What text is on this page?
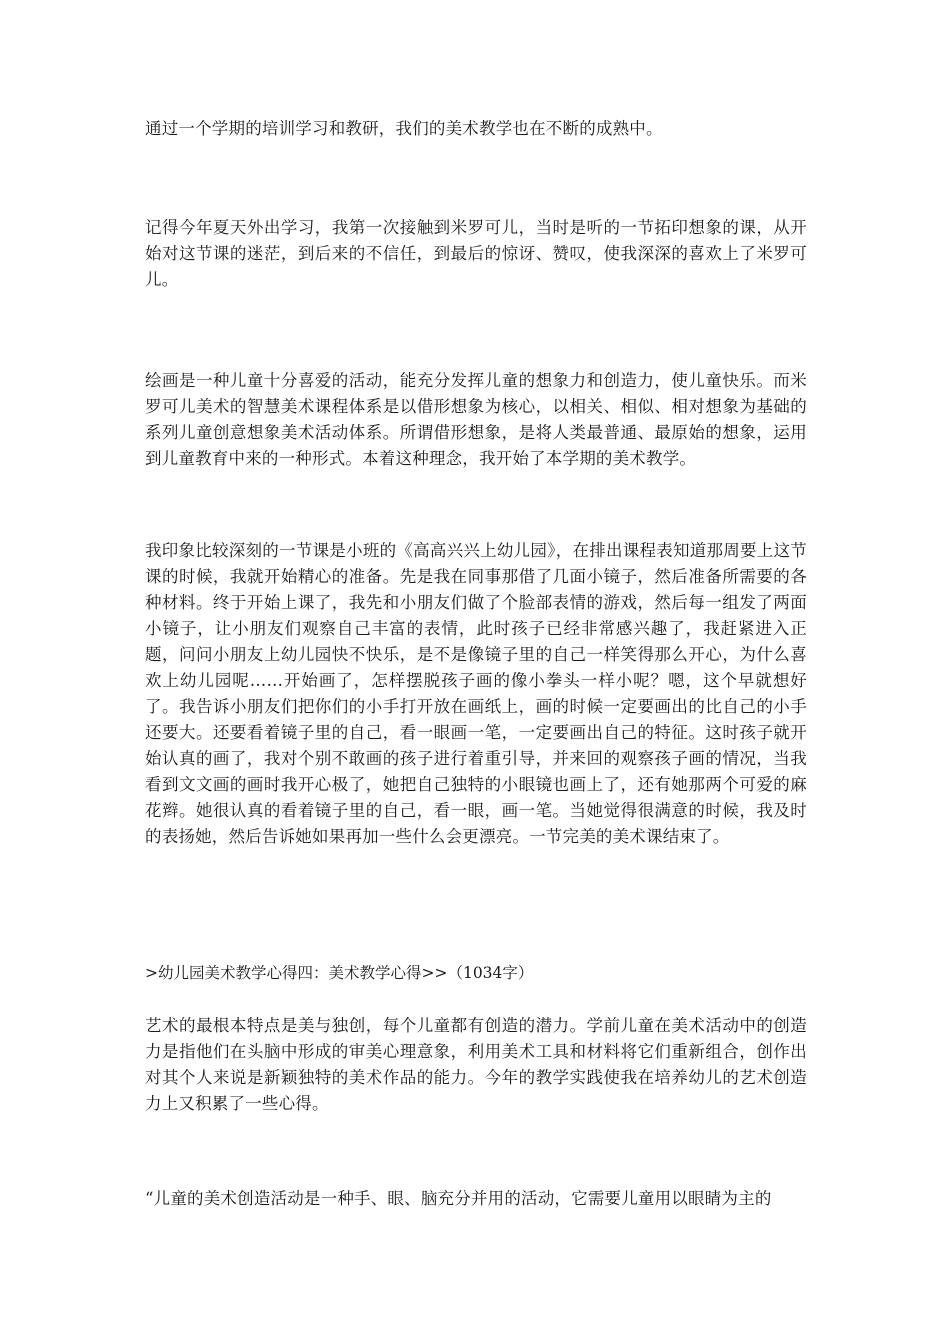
通过一个学期的培训学习和教研，我们的美术教学也在不断的成熟中。

记得今年夏天外出学习，我第一次接触到米罗可儿，当时是听的一节拓印想象的课，从开始对这节课的迷茫，到后来的不信任，到最后的惊讶、赞叹，使我深深的喜欢上了米罗可儿。

绘画是一种儿童十分喜爱的活动，能充分发挥儿童的想象力和创造力，使儿童快乐。而米罗可儿美术的智慧美术课程体系是以借形想象为核心，以相关、相似、相对想象为基础的系列儿童创意想象美术活动体系。所谓借形想象，是将人类最普通、最原始的想象，运用到儿童教育中来的一种形式。本着这种理念，我开始了本学期的美术教学。

我印象比较深刻的一节课是小班的《高高兴兴上幼儿园》，在排出课程表知道那周要上这节课的时候，我就开始精心的准备。先是我在同事那借了几面小镜子，然后准备所需要的各种材料。终于开始上课了，我先和小朋友们做了个脸部表情的游戏，然后每一组发了两面小镜子，让小朋友们观察自己丰富的表情，此时孩子已经非常感兴趣了，我赶紧进入正题，问问小朋友上幼儿园快不快乐，是不是像镜子里的自己一样笑得那么开心，为什么喜欢上幼儿园呢……开始画了，怎样摆脱孩子画的像小拳头一样小呢？嗯，这个早就想好了。我告诉小朋友们把你们的小手打开放在画纸上，画的时候一定要画出的比自己的小手还要大。还要看着镜子里的自己，看一眼画一笔，一定要画出自己的特征。这时孩子就开始认真的画了，我对个别不敢画的孩子进行着重引导，并来回的观察孩子画的情况，当我看到文文画的画时我开心极了，她把自己独特的小眼镜也画上了，还有她那两个可爱的麻花辫。她很认真的看着镜子里的自己，看一眼，画一笔。当她觉得很满意的时候，我及时的表扬她，然后告诉她如果再加一些什么会更漂亮。一节完美的美术课结束了。

>幼儿园美术教学心得四：美术教学心得>>（1034字）

艺术的最根本特点是美与独创，每个儿童都有创造的潜力。学前儿童在美术活动中的创造力是指他们在头脑中形成的审美心理意象，利用美术工具和材料将它们重新组合，创作出对其个人来说是新颖独特的美术作品的能力。今年的教学实践使我在培养幼儿的艺术创造力上又积累了一些心得。

“儿童的美术创造活动是一种手、眼、脑充分并用的活动，它需要儿童用以眼睛为主的
